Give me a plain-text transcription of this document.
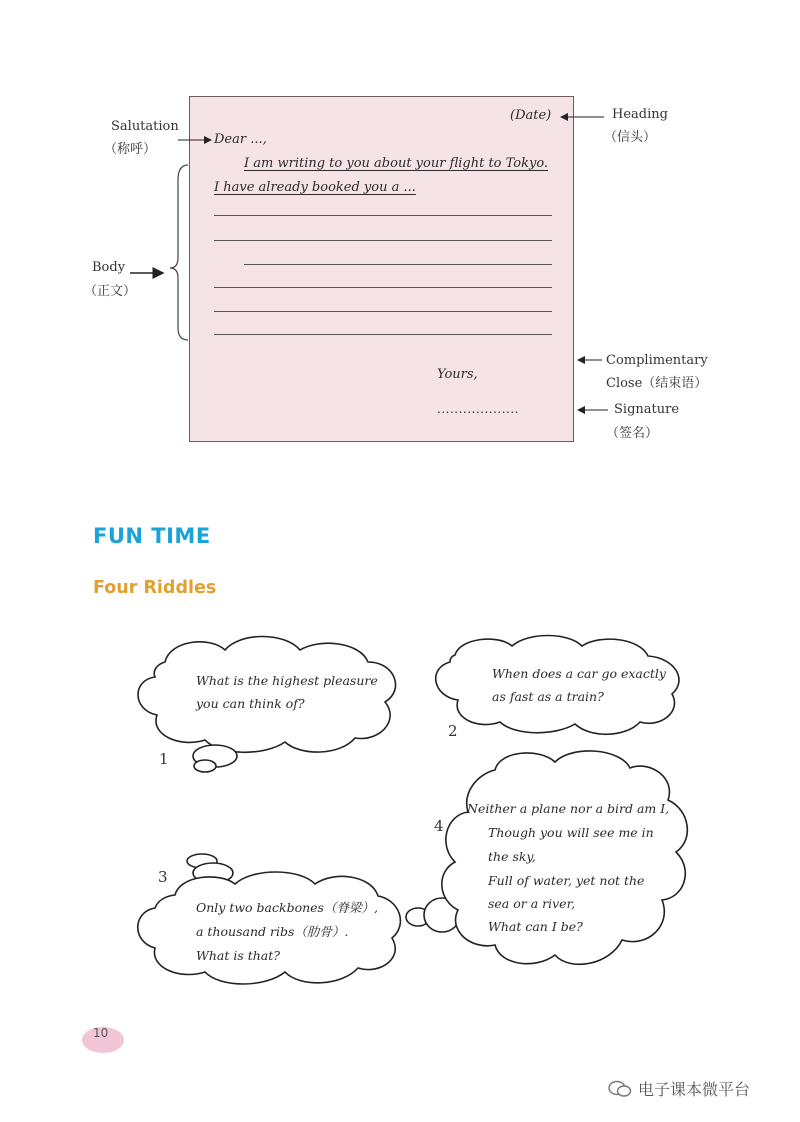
(Date)
Dear ...,
I am writing to you about your flight to Tokyo.
I have already booked you a ...
Yours,
...................
Heading
（信头）
Salutation
（称呼）
Body
（正文）
Complimentary
Close（结束语）
Signature
（签名）
FUN TIME
Four Riddles
1
What is the highest pleasure
you can think of?
2
When does a car go exactly
as fast as a train?
3
Only two backbones（脊梁）,
a thousand ribs（肋骨）.
What is that?
4
Neither a plane nor a bird am I,
Though you will see me in
the sky,
Full of water, yet not the
sea or a river,
What can I be?
10
电子课本微平台
